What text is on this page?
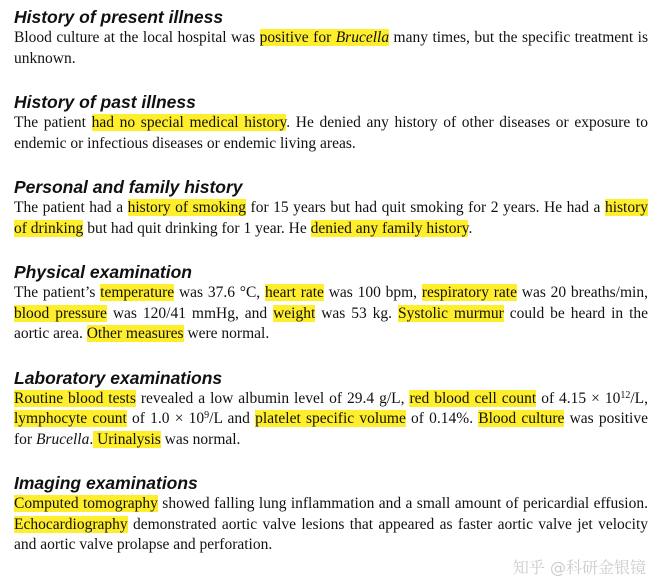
History of present illness

Blood culture at the local hospital was positive for Brucella many times, but the specific treatment is unknown.

History of past illness

The patient had no special medical history. He denied any history of other diseases or exposure to endemic or infectious diseases or endemic living areas.

Personal and family history

The patient had a history of smoking for 15 years but had quit smoking for 2 years. He had a history of drinking but had quit drinking for 1 year. He denied any family history.

Physical examination

The patient’s temperature was 37.6 °C, heart rate was 100 bpm, respiratory rate was 20 breaths/min, blood pressure was 120/41 mmHg, and weight was 53 kg. Systolic murmur could be heard in the aortic area. Other measures were normal.

Laboratory examinations

Routine blood tests revealed a low albumin level of 29.4 g/L, red blood cell count of $4.15 \times 10^{12}/L$, lymphocyte count of $1.0 \times 10^9/L$ and platelet specific volume of 0.14%. Blood culture was positive for Brucella. Urinalysis was normal.

Imaging examinations

Computed tomography showed falling lung inflammation and a small amount of pericardial effusion. Echocardiography demonstrated aortic valve lesions that appeared as faster aortic valve jet velocity and aortic valve prolapse and perforation.

知乎 @科研金银镜
